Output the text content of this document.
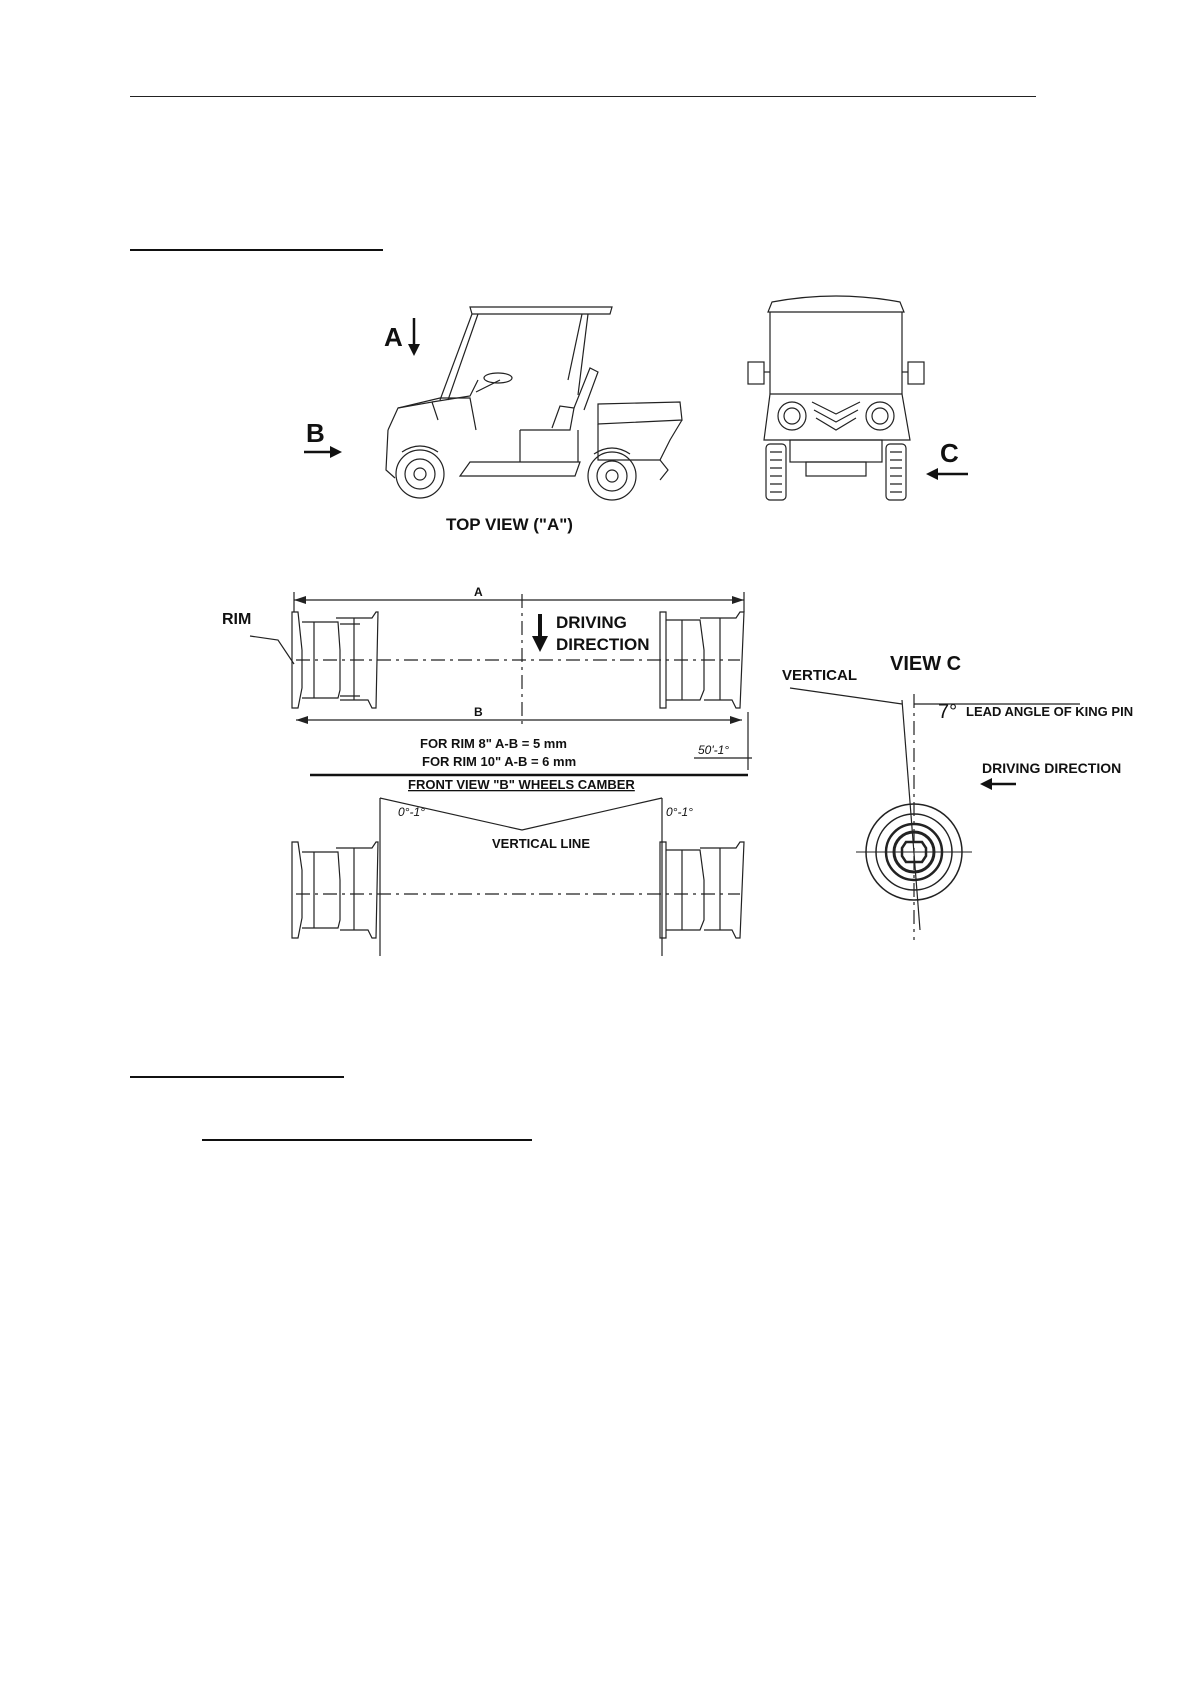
A
B
TOP VIEW ("A")
C
A
B
RIM	DRIVING
DIRECTION
FOR RIM 8" A-B = 5 mm
FOR RIM 10" A-B = 6 mm
FRONT VIEW "B" WHEELS CAMBER
50'-1°
0°-1°	0°-1°
VERTICAL LINE
VIEW C
VERTICAL
7° LEAD ANGLE OF KING PIN
DRIVING DIRECTION
